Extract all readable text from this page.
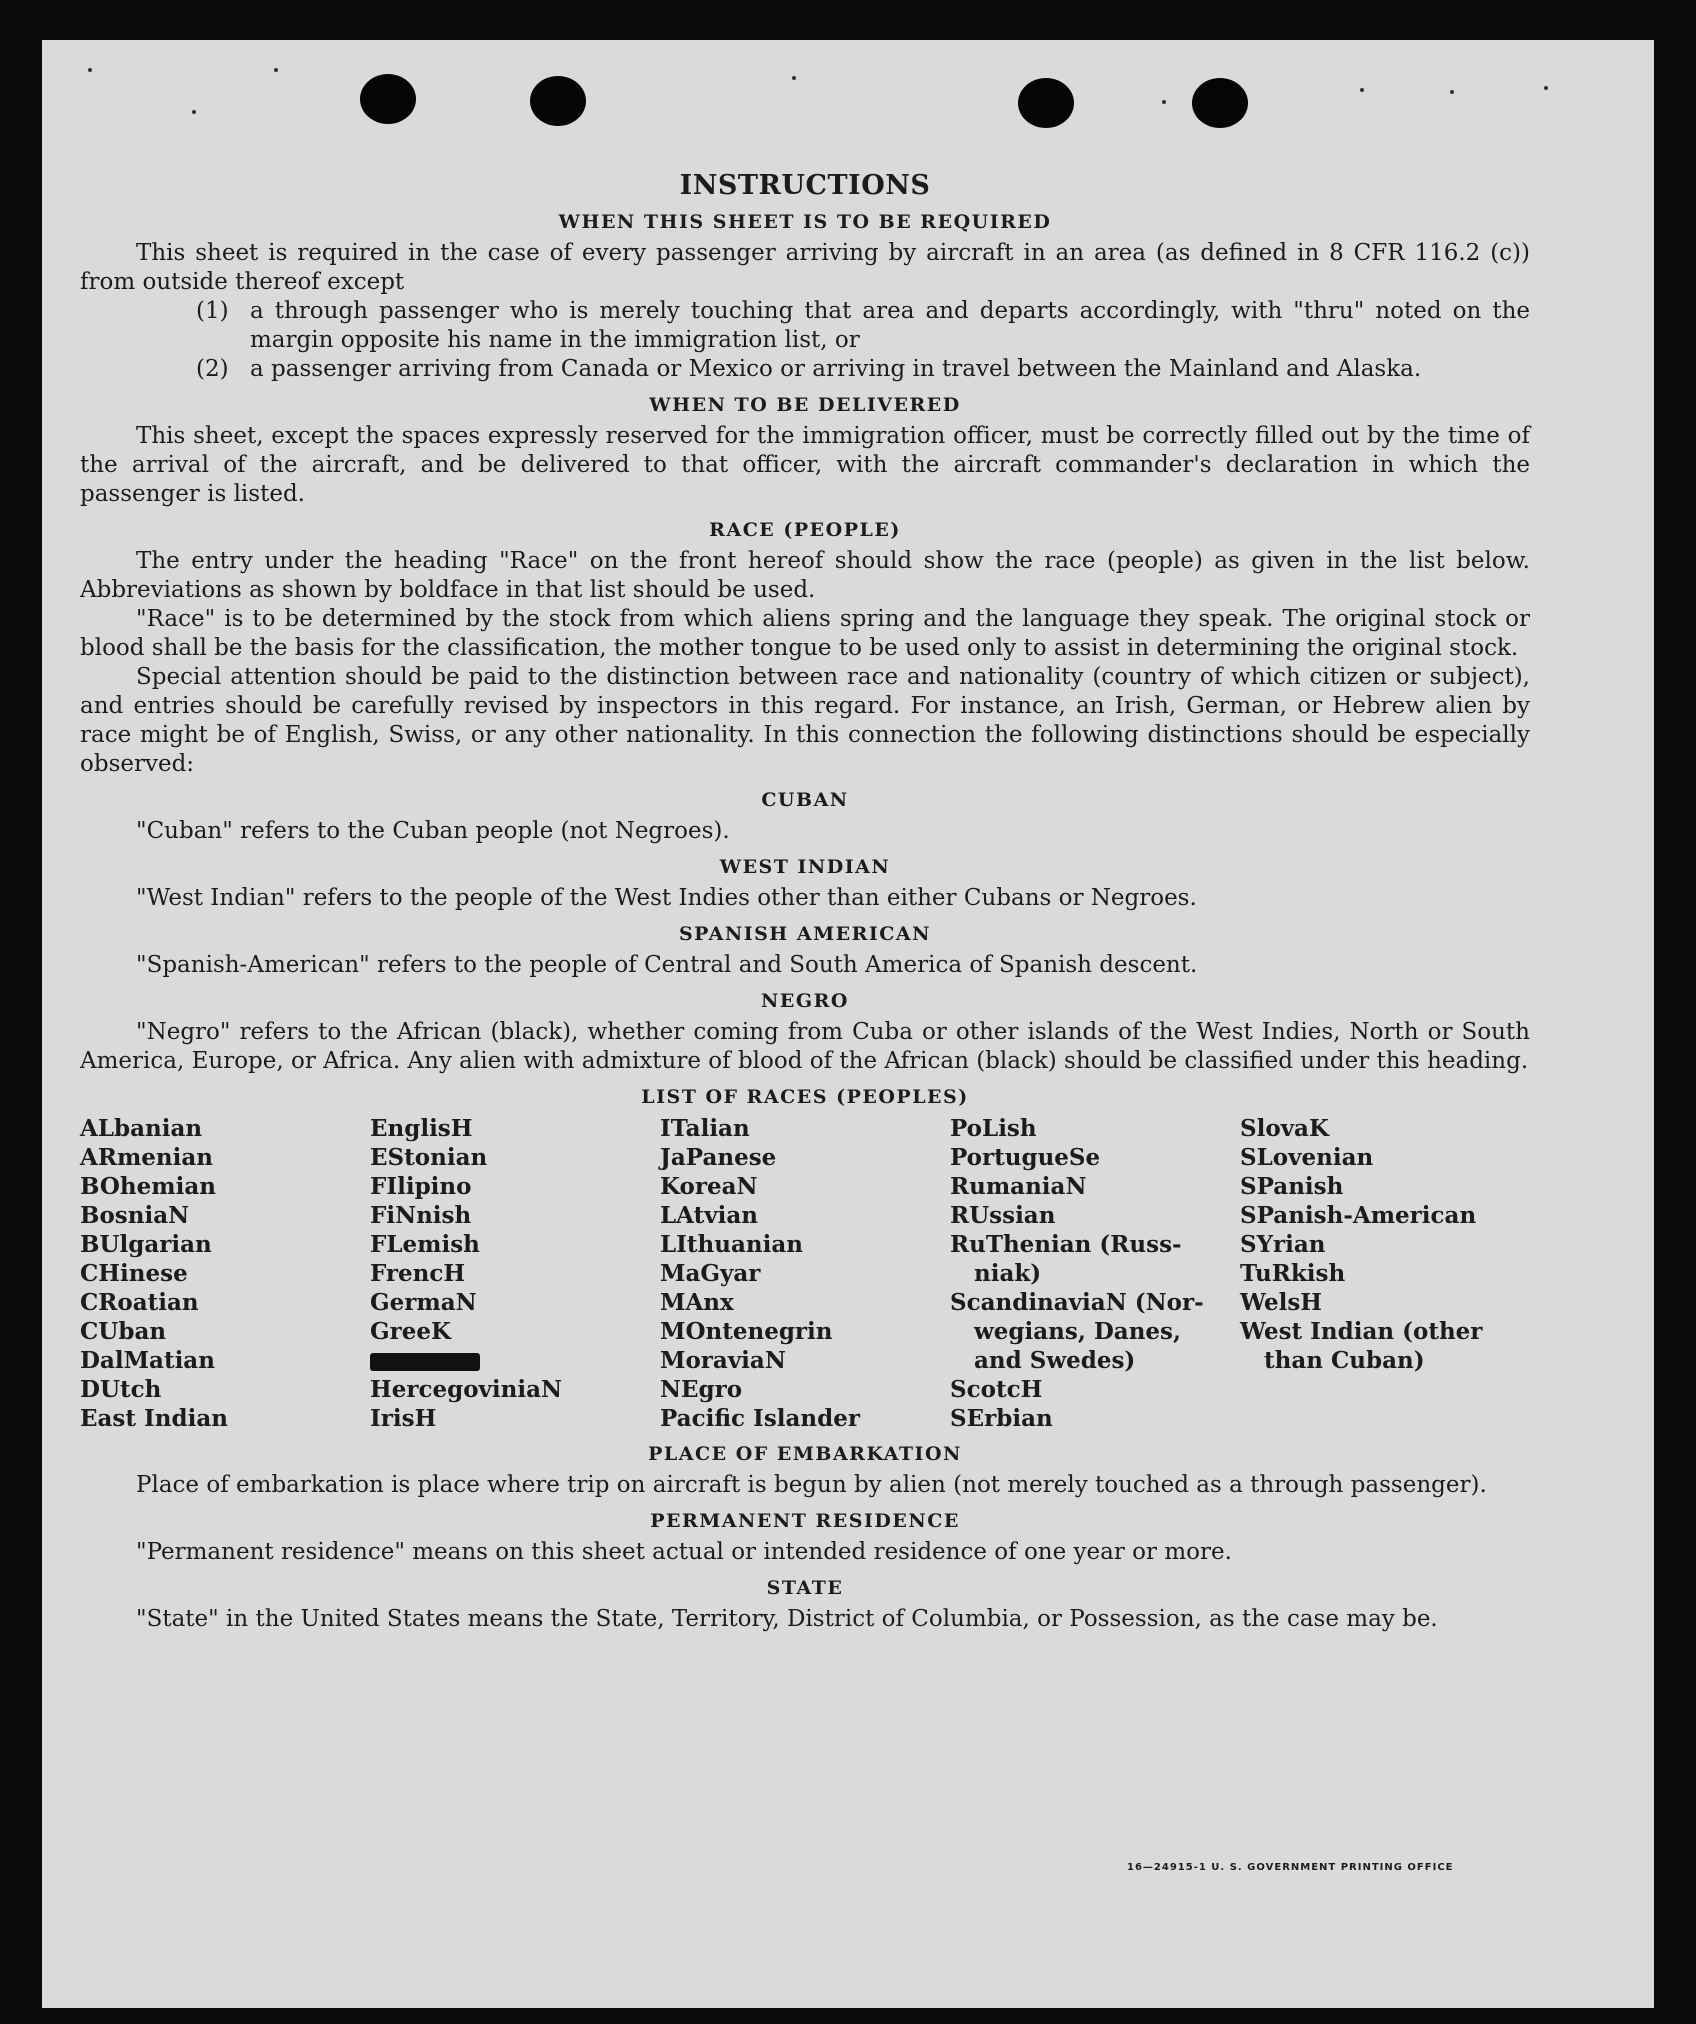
INSTRUCTIONS
WHEN THIS SHEET IS TO BE REQUIRED

This sheet is required in the case of every passenger arriving by aircraft in an area (as defined in 8 CFR 116.2 (c)) from outside thereof except

(1) a through passenger who is merely touching that area and departs accordingly, with "thru" noted on the margin opposite his name in the immigration list, or
(2) a passenger arriving from Canada or Mexico or arriving in travel between the Mainland and Alaska.
WHEN TO BE DELIVERED

This sheet, except the spaces expressly reserved for the immigration officer, must be correctly filled out by the time of the arrival of the aircraft, and be delivered to that officer, with the aircraft commander's declaration in which the passenger is listed.

RACE (PEOPLE)

The entry under the heading "Race" on the front hereof should show the race (people) as given in the list below. Abbreviations as shown by boldface in that list should be used.

"Race" is to be determined by the stock from which aliens spring and the language they speak. The original stock or blood shall be the basis for the classification, the mother tongue to be used only to assist in determining the original stock.

Special attention should be paid to the distinction between race and nationality (country of which citizen or subject), and entries should be carefully revised by inspectors in this regard. For instance, an Irish, German, or Hebrew alien by race might be of English, Swiss, or any other nationality. In this connection the following distinctions should be especially observed:

CUBAN

"Cuban" refers to the Cuban people (not Negroes).

WEST INDIAN

"West Indian" refers to the people of the West Indies other than either Cubans or Negroes.

SPANISH AMERICAN

"Spanish-American" refers to the people of Central and South America of Spanish descent.

NEGRO

"Negro" refers to the African (black), whether coming from Cuba or other islands of the West Indies, North or South America, Europe, or Africa. Any alien with admixture of blood of the African (black) should be classified under this heading.

LIST OF RACES (PEOPLES)
ALbanian
ARmenian
BOhemian
BosniaN
BUlgarian
CHinese
CRoatian
CUban
DalMatian
DUtch
East Indian
EnglisH
EStonian
FIlipino
FiNnish
FLemish
FrencH
GermaN
GreeK
HercegoviniaN
IrisH
ITalian
JaPanese
KoreaN
LAtvian
LIthuanian
MaGyar
MAnx
MOntenegrin
MoraviaN
NEgro
Pacific Islander
PoLish
PortugueSe
RumaniaN
RUssian
RuThenian (Russ-
niak)
ScandinaviaN (Nor-
wegians, Danes,
and Swedes)
ScotcH
SErbian
SlovaK
SLovenian
SPanish
SPanish-American
SYrian
TuRkish
WelsH
West Indian (other
than Cuban)
PLACE OF EMBARKATION

Place of embarkation is place where trip on aircraft is begun by alien (not merely touched as a through passenger).

PERMANENT RESIDENCE

"Permanent residence" means on this sheet actual or intended residence of one year or more.

STATE

"State" in the United States means the State, Territory, District of Columbia, or Possession, as the case may be.

16—24915-1 U. S. GOVERNMENT PRINTING OFFICE
